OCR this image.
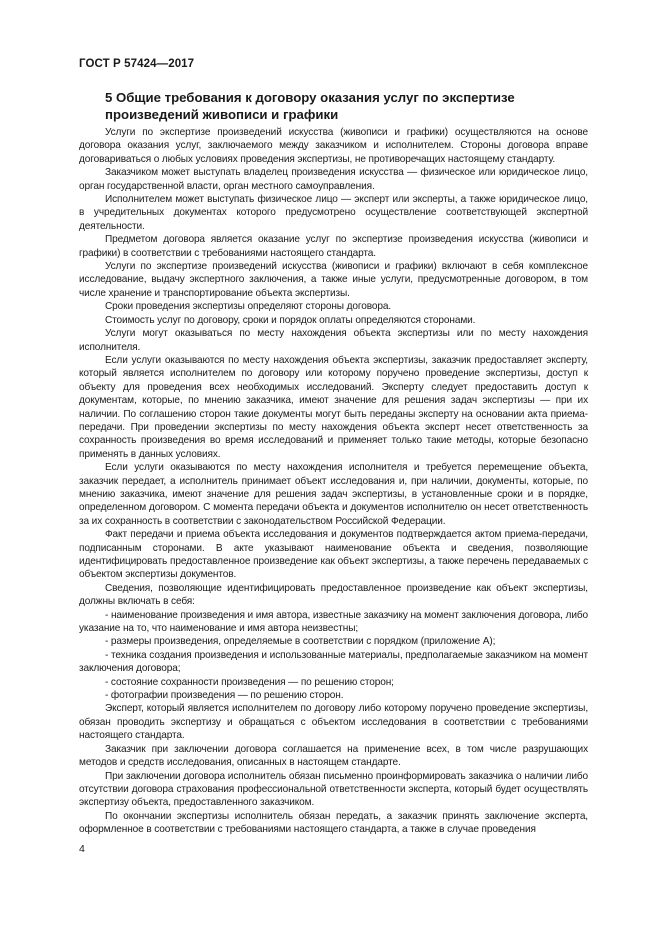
ГОСТ Р 57424—2017
5 Общие требования к договору оказания услуг по экспертизе произведений живописи и графики

Услуги по экспертизе произведений искусства (живописи и графики) осуществляются на основе договора оказания услуг, заключаемого между заказчиком и исполнителем. Стороны договора вправе договариваться о любых условиях проведения экспертизы, не противоречащих настоящему стандарту.

Заказчиком может выступать владелец произведения искусства — физическое или юридическое лицо, орган государственной власти, орган местного самоуправления.

Исполнителем может выступать физическое лицо — эксперт или эксперты, а также юридическое лицо, в учредительных документах которого предусмотрено осуществление соответствующей экспертной деятельности.

Предметом договора является оказание услуг по экспертизе произведения искусства (живописи и графики) в соответствии с требованиями настоящего стандарта.

Услуги по экспертизе произведений искусства (живописи и графики) включают в себя комплексное исследование, выдачу экспертного заключения, а также иные услуги, предусмотренные договором, в том числе хранение и транспортирование объекта экспертизы.

Сроки проведения экспертизы определяют стороны договора.

Стоимость услуг по договору, сроки и порядок оплаты определяются сторонами.

Услуги могут оказываться по месту нахождения объекта экспертизы или по месту нахождения исполнителя.

Если услуги оказываются по месту нахождения объекта экспертизы, заказчик предоставляет эксперту, который является исполнителем по договору или которому поручено проведение экспертизы, доступ к объекту для проведения всех необходимых исследований. Эксперту следует предоставить доступ к документам, которые, по мнению заказчика, имеют значение для решения задач экспертизы — при их наличии. По соглашению сторон такие документы могут быть переданы эксперту на основании акта приема-передачи. При проведении экспертизы по месту нахождения объекта эксперт несет ответственность за сохранность произведения во время исследований и применяет только такие методы, которые безопасно применять в данных условиях.

Если услуги оказываются по месту нахождения исполнителя и требуется перемещение объекта, заказчик передает, а исполнитель принимает объект исследования и, при наличии, документы, которые, по мнению заказчика, имеют значение для решения задач экспертизы, в установленные сроки и в порядке, определенном договором. С момента передачи объекта и документов исполнителю он несет ответственность за их сохранность в соответствии с законодательством Российской Федерации.

Факт передачи и приема объекта исследования и документов подтверждается актом приема-передачи, подписанным сторонами. В акте указывают наименование объекта и сведения, позволяющие идентифицировать предоставленное произведение как объект экспертизы, а также перечень передаваемых с объектом экспертизы документов.

Сведения, позволяющие идентифицировать предоставленное произведение как объект экспертизы, должны включать в себя:

- наименование произведения и имя автора, известные заказчику на момент заключения договора, либо указание на то, что наименование и имя автора неизвестны;

- размеры произведения, определяемые в соответствии с порядком (приложение А);

- техника создания произведения и использованные материалы, предполагаемые заказчиком на момент заключения договора;

- состояние сохранности произведения — по решению сторон;

- фотографии произведения — по решению сторон.

Эксперт, который является исполнителем по договору либо которому поручено проведение экспертизы, обязан проводить экспертизу и обращаться с объектом исследования в соответствии с требованиями настоящего стандарта.

Заказчик при заключении договора соглашается на применение всех, в том числе разрушающих методов и средств исследования, описанных в настоящем стандарте.

При заключении договора исполнитель обязан письменно проинформировать заказчика о наличии либо отсутствии договора страхования профессиональной ответственности эксперта, который будет осуществлять экспертизу объекта, предоставленного заказчиком.

По окончании экспертизы исполнитель обязан передать, а заказчик принять заключение эксперта, оформленное в соответствии с требованиями настоящего стандарта, а также в случае проведения

4
